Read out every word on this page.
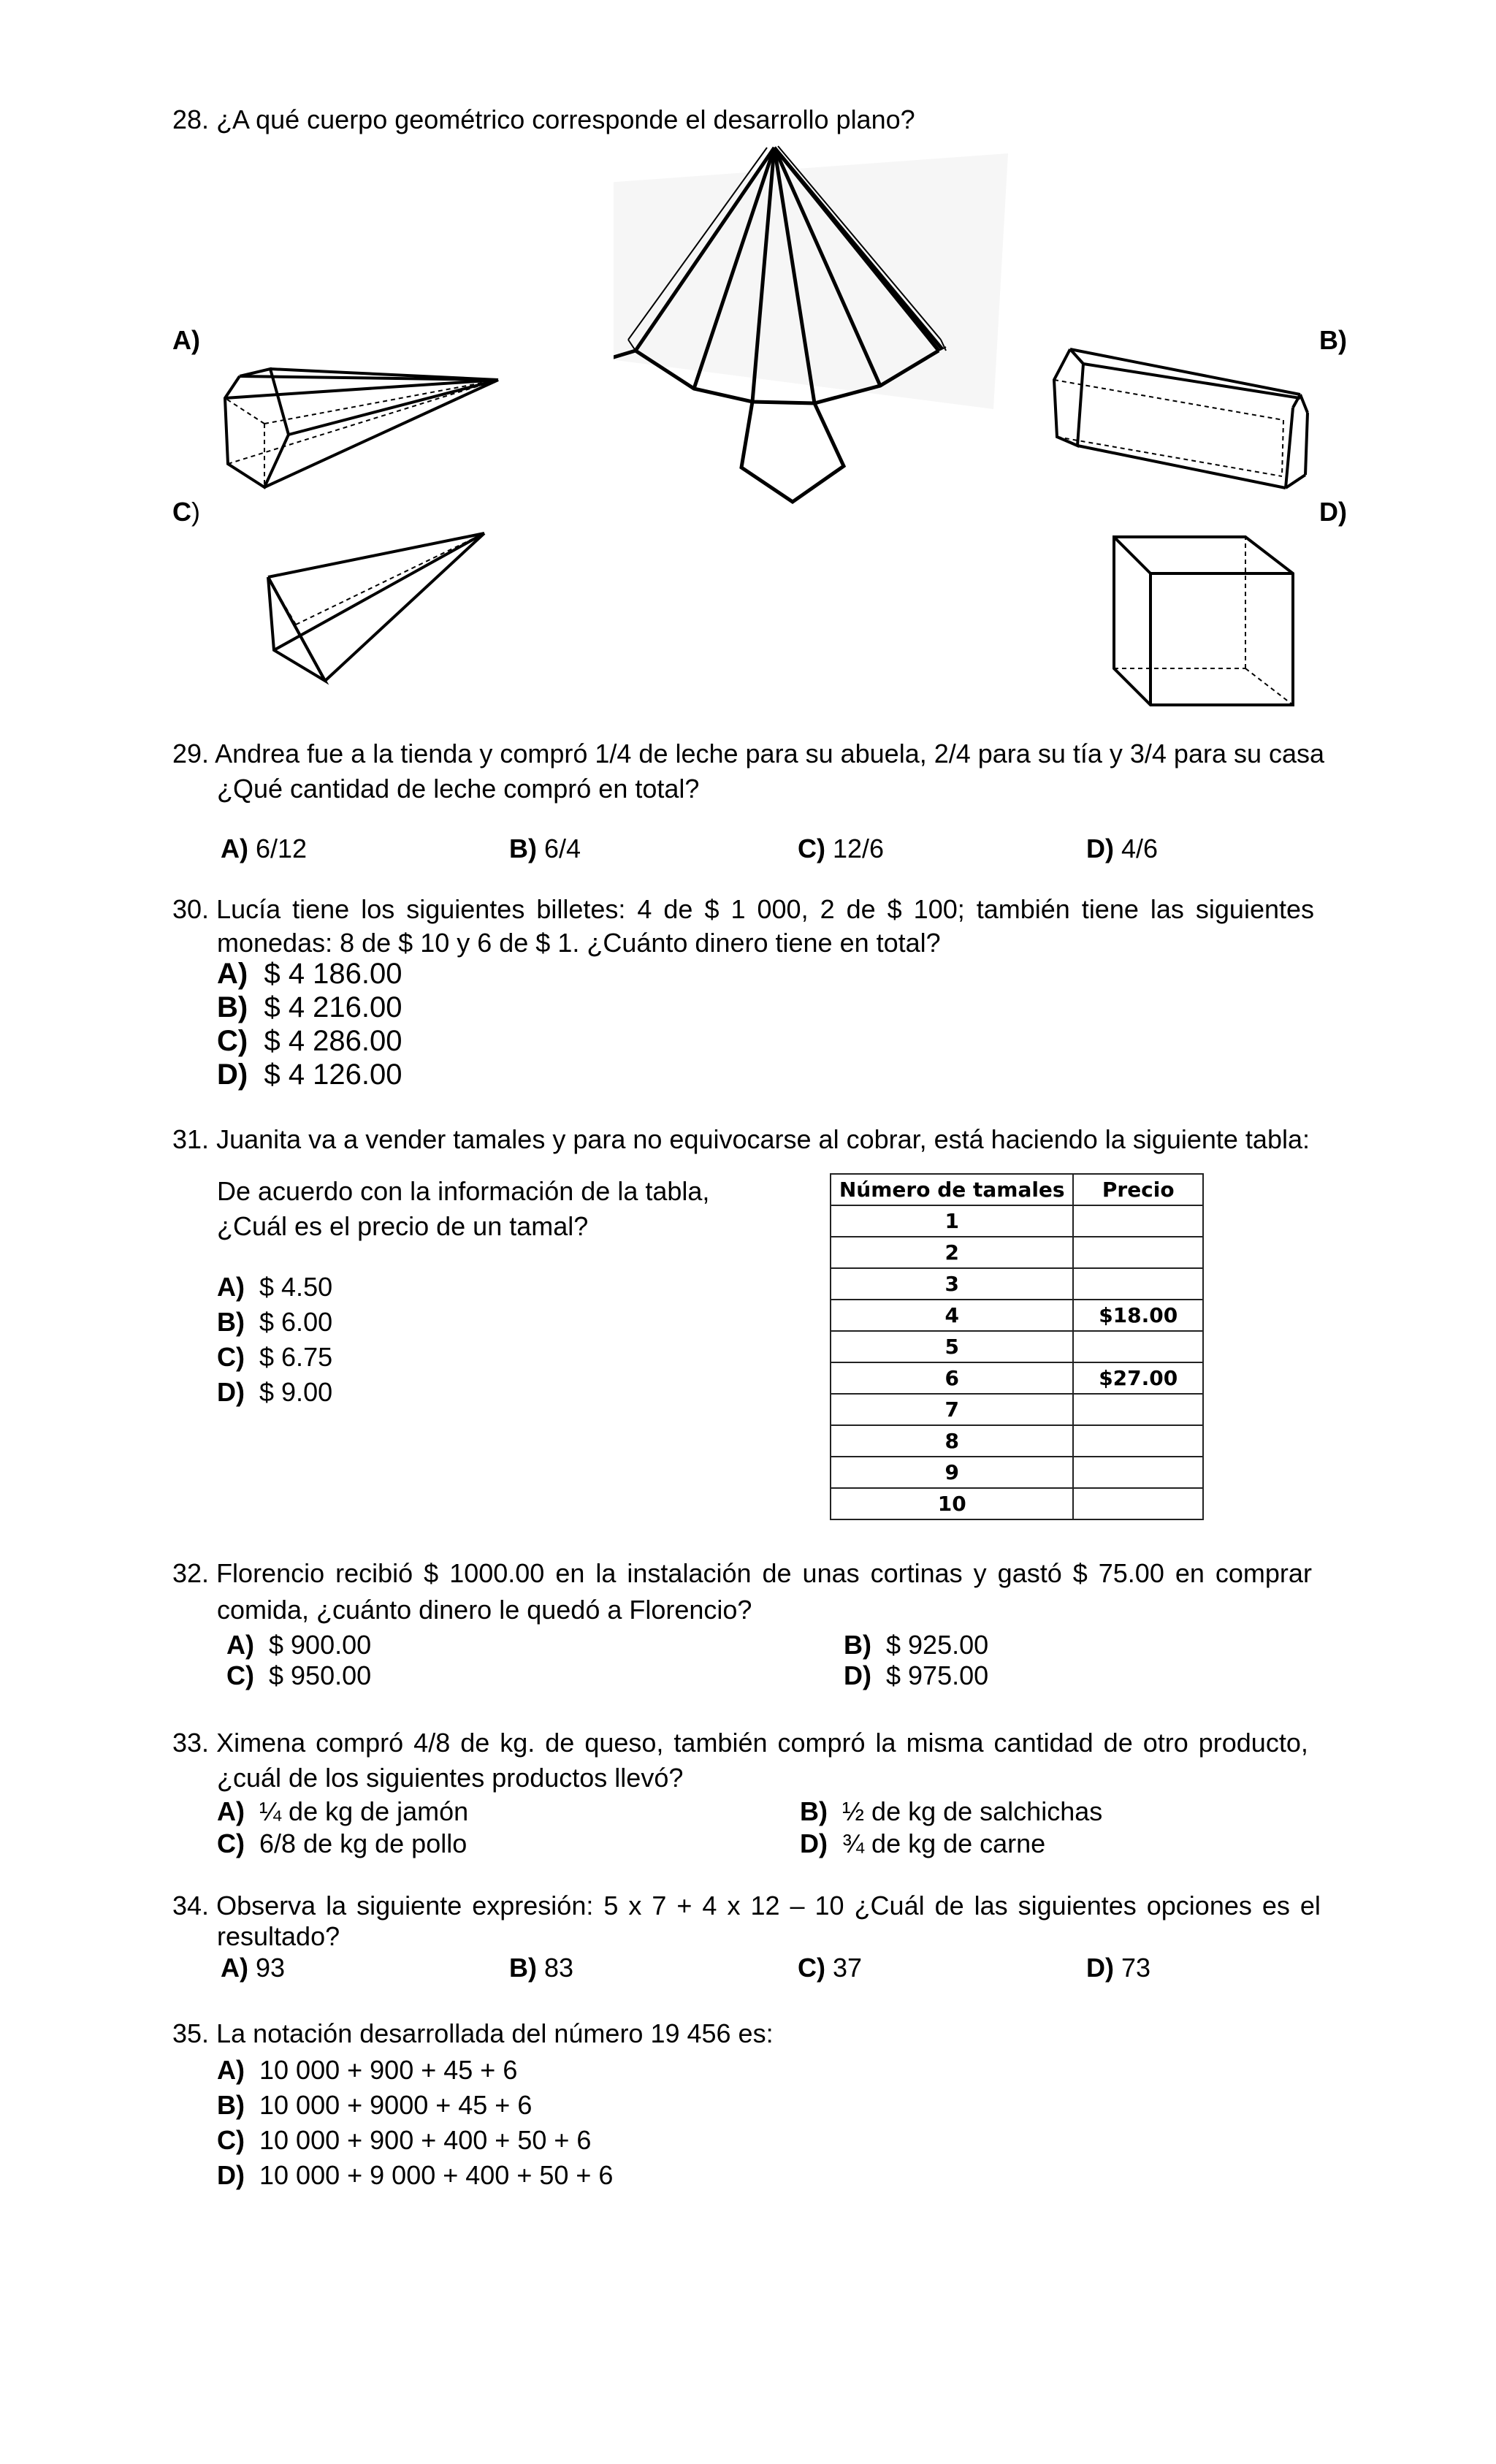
28. ¿A qué cuerpo geométrico corresponde el desarrollo plano?
A)	B)
C)	D)
29. Andrea fue a la tienda y compró 1/4 de leche para su abuela, 2/4 para su tía y 3/4 para su casa
¿Qué cantidad de leche compró en total?
A) 6/12	B) 6/4	C) 12/6	D) 4/6
30. Lucía tiene los siguientes billetes: 4 de $ 1 000, 2 de $ 100; también tiene las siguientes
monedas: 8 de $ 10 y 6 de $ 1. ¿Cuánto dinero tiene en total?
A) $ 4 186.00
B) $ 4 216.00
C) $ 4 286.00
D) $ 4 126.00
31. Juanita va a vender tamales y para no equivocarse al cobrar, está haciendo la siguiente tabla:
De acuerdo con la información de la tabla,
¿Cuál es el precio de un tamal?
A) $ 4.50
B) $ 6.00
C) $ 6.75
D) $ 9.00
Número de tamales	Precio
1	
2	
3	
4	$18.00
5	
6	$27.00
7	
8	
9	
10	
32. Florencio recibió $ 1000.00 en la instalación de unas cortinas y gastó $ 75.00 en comprar
comida, ¿cuánto dinero le quedó a Florencio?
A) $ 900.00	B) $ 925.00
C) $ 950.00	D) $ 975.00
33. Ximena compró 4/8 de kg. de queso, también compró la misma cantidad de otro producto,
¿cuál de los siguientes productos llevó?
A) ¼ de kg de jamón	B) ½ de kg de salchichas
C) 6/8 de kg de pollo	D) ¾ de kg de carne
34. Observa la siguiente expresión: 5 x 7 + 4 x 12 – 10 ¿Cuál de las siguientes opciones es el
resultado?
A) 93	B) 83	C) 37	D) 73
35. La notación desarrollada del número 19 456 es:
A) 10 000 + 900 + 45 + 6
B) 10 000 + 9000 + 45 + 6
C) 10 000 + 900 + 400 + 50 + 6
D) 10 000 + 9 000 + 400 + 50 + 6
